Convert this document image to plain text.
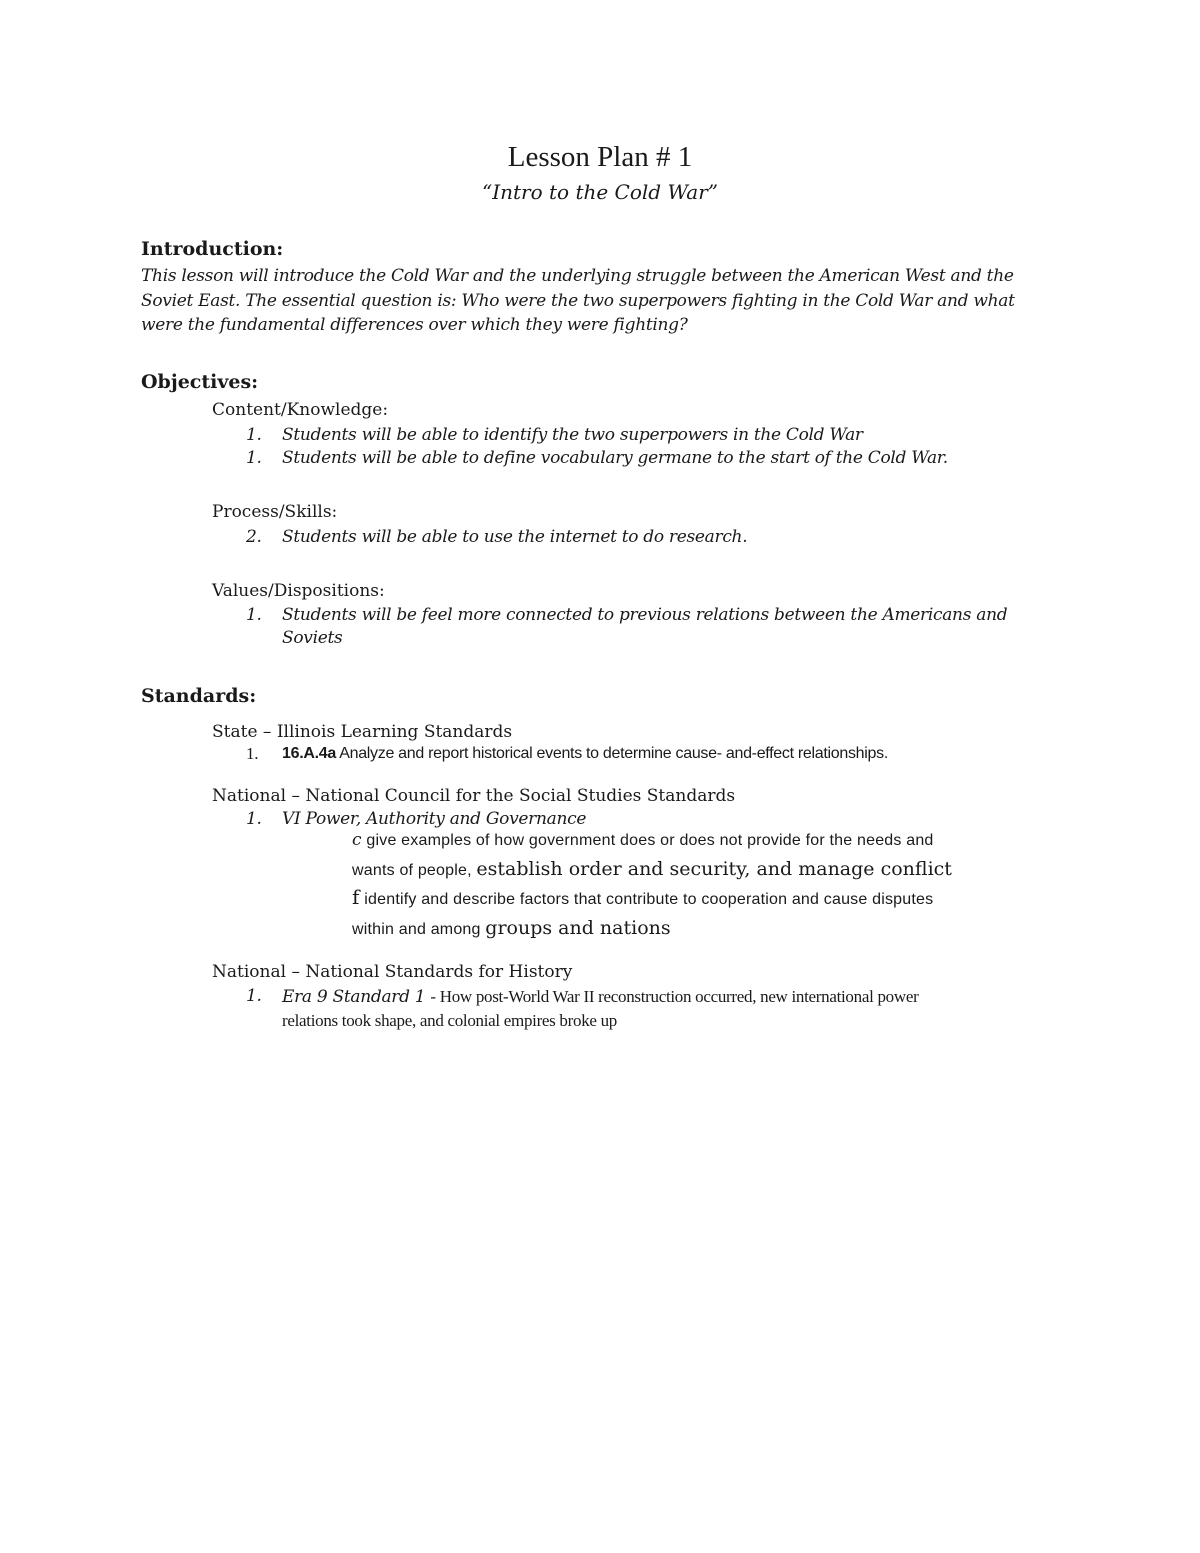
Lesson Plan # 1
“Intro to the Cold War”
Introduction:

This lesson will introduce the Cold War and the underlying struggle between the American West and the

Soviet East. The essential question is: Who were the two superpowers fighting in the Cold War and what

were the fundamental differences over which they were fighting?

Objectives:
Content/Knowledge:
1. Students will be able to identify the two superpowers in the Cold War
1. Students will be able to define vocabulary germane to the start of the Cold War.
Process/Skills:
2. Students will be able to use the internet to do research.
Values/Dispositions:
1. Students will be feel more connected to previous relations between the Americans and
Soviets
Standards:
State – Illinois Learning Standards
1. 16.A.4a Analyze and report historical events to determine cause- and-effect relationships.
National – National Council for the Social Studies Standards
1. VI Power, Authority and Governance
c give examples of how government does or does not provide for the needs and
wants of people, establish order and security, and manage conflict
f identify and describe factors that contribute to cooperation and cause disputes
within and among groups and nations
National – National Standards for History
1. Era 9 Standard 1 - How post-World War II reconstruction occurred, new international power
relations took shape, and colonial empires broke up
